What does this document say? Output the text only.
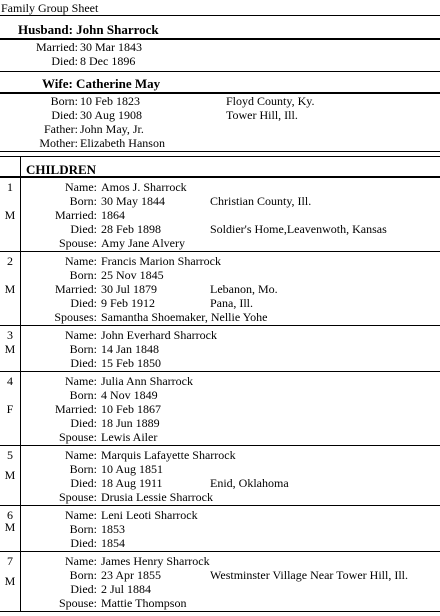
Family Group Sheet
Husband: John Sharrock
Married: 30 Mar 1843
Died: 8 Dec 1896
Wife: Catherine May
Born: 10 Feb 1823	Floyd County, Ky.
Died: 30 Aug 1908	Tower Hill, Ill.
Father: John May, Jr.
Mother: Elizabeth Hanson
CHILDREN
1
M
Name: Amos J. Sharrock
Born: 30 May 1844	Christian County, Ill.
Married: 1864
Died: 28 Feb 1898	Soldier's Home,Leavenwoth, Kansas
Spouse: Amy Jane Alvery
2
M
Name: Francis Marion Sharrock
Born: 25 Nov 1845
Married: 30 Jul 1879	Lebanon, Mo.
Died: 9 Feb 1912	Pana, Ill.
Spouses: Samantha Shoemaker, Nellie Yohe
3
M
Name: John Everhard Sharrock
Born: 14 Jan 1848
Died: 15 Feb 1850
4
F
Name: Julia Ann Sharrock
Born: 4 Nov 1849
Married: 10 Feb 1867
Died: 18 Jun 1889
Spouse: Lewis Ailer
5
M
Name: Marquis Lafayette Sharrock
Born: 10 Aug 1851
Died: 18 Aug 1911	Enid, Oklahoma
Spouse: Drusia Lessie Sharrock
6
M
Name: Leni Leoti Sharrock
Born: 1853
Died: 1854
7
M
Name: James Henry Sharrock
Born: 23 Apr 1855	Westminster Village Near Tower Hill, Ill.
Died: 2 Jul 1884
Spouse: Mattie Thompson
